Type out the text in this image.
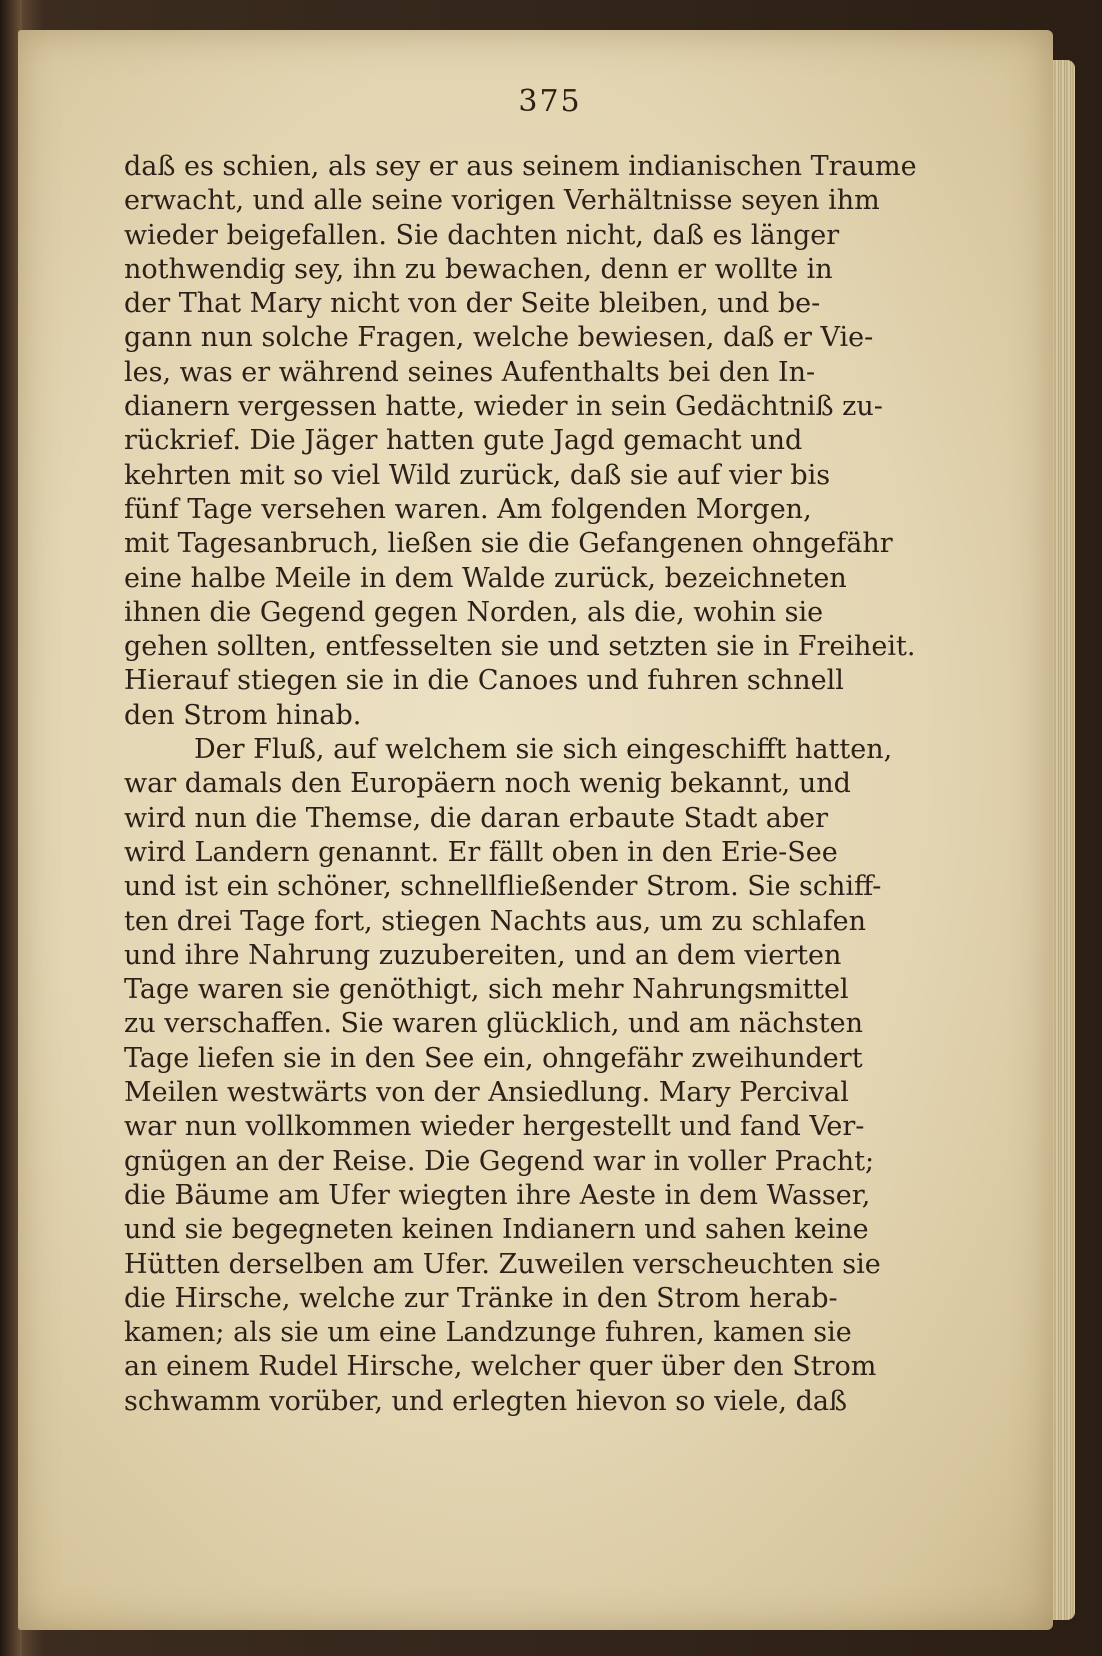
375
daß es schien, als sey er aus seinem indianischen Traume
erwacht, und alle seine vorigen Verhältnisse seyen ihm
wieder beigefallen. Sie dachten nicht, daß es länger
nothwendig sey, ihn zu bewachen, denn er wollte in
der That Mary nicht von der Seite bleiben, und be-
gann nun solche Fragen, welche bewiesen, daß er Vie-
les, was er während seines Aufenthalts bei den In-
dianern vergessen hatte, wieder in sein Gedächtniß zu-
rückrief. Die Jäger hatten gute Jagd gemacht und
kehrten mit so viel Wild zurück, daß sie auf vier bis
fünf Tage versehen waren. Am folgenden Morgen,
mit Tagesanbruch, ließen sie die Gefangenen ohngefähr
eine halbe Meile in dem Walde zurück, bezeichneten
ihnen die Gegend gegen Norden, als die, wohin sie
gehen sollten, entfesselten sie und setzten sie in Freiheit.
Hierauf stiegen sie in die Canoes und fuhren schnell
den Strom hinab.
Der Fluß, auf welchem sie sich eingeschifft hatten,
war damals den Europäern noch wenig bekannt, und
wird nun die Themse, die daran erbaute Stadt aber
wird Landern genannt. Er fällt oben in den Erie-See
und ist ein schöner, schnellfließender Strom. Sie schiff-
ten drei Tage fort, stiegen Nachts aus, um zu schlafen
und ihre Nahrung zuzubereiten, und an dem vierten
Tage waren sie genöthigt, sich mehr Nahrungsmittel
zu verschaffen. Sie waren glücklich, und am nächsten
Tage liefen sie in den See ein, ohngefähr zweihundert
Meilen westwärts von der Ansiedlung. Mary Percival
war nun vollkommen wieder hergestellt und fand Ver-
gnügen an der Reise. Die Gegend war in voller Pracht;
die Bäume am Ufer wiegten ihre Aeste in dem Wasser,
und sie begegneten keinen Indianern und sahen keine
Hütten derselben am Ufer. Zuweilen verscheuchten sie
die Hirsche, welche zur Tränke in den Strom herab-
kamen; als sie um eine Landzunge fuhren, kamen sie
an einem Rudel Hirsche, welcher quer über den Strom
schwamm vorüber, und erlegten hievon so viele, daß
